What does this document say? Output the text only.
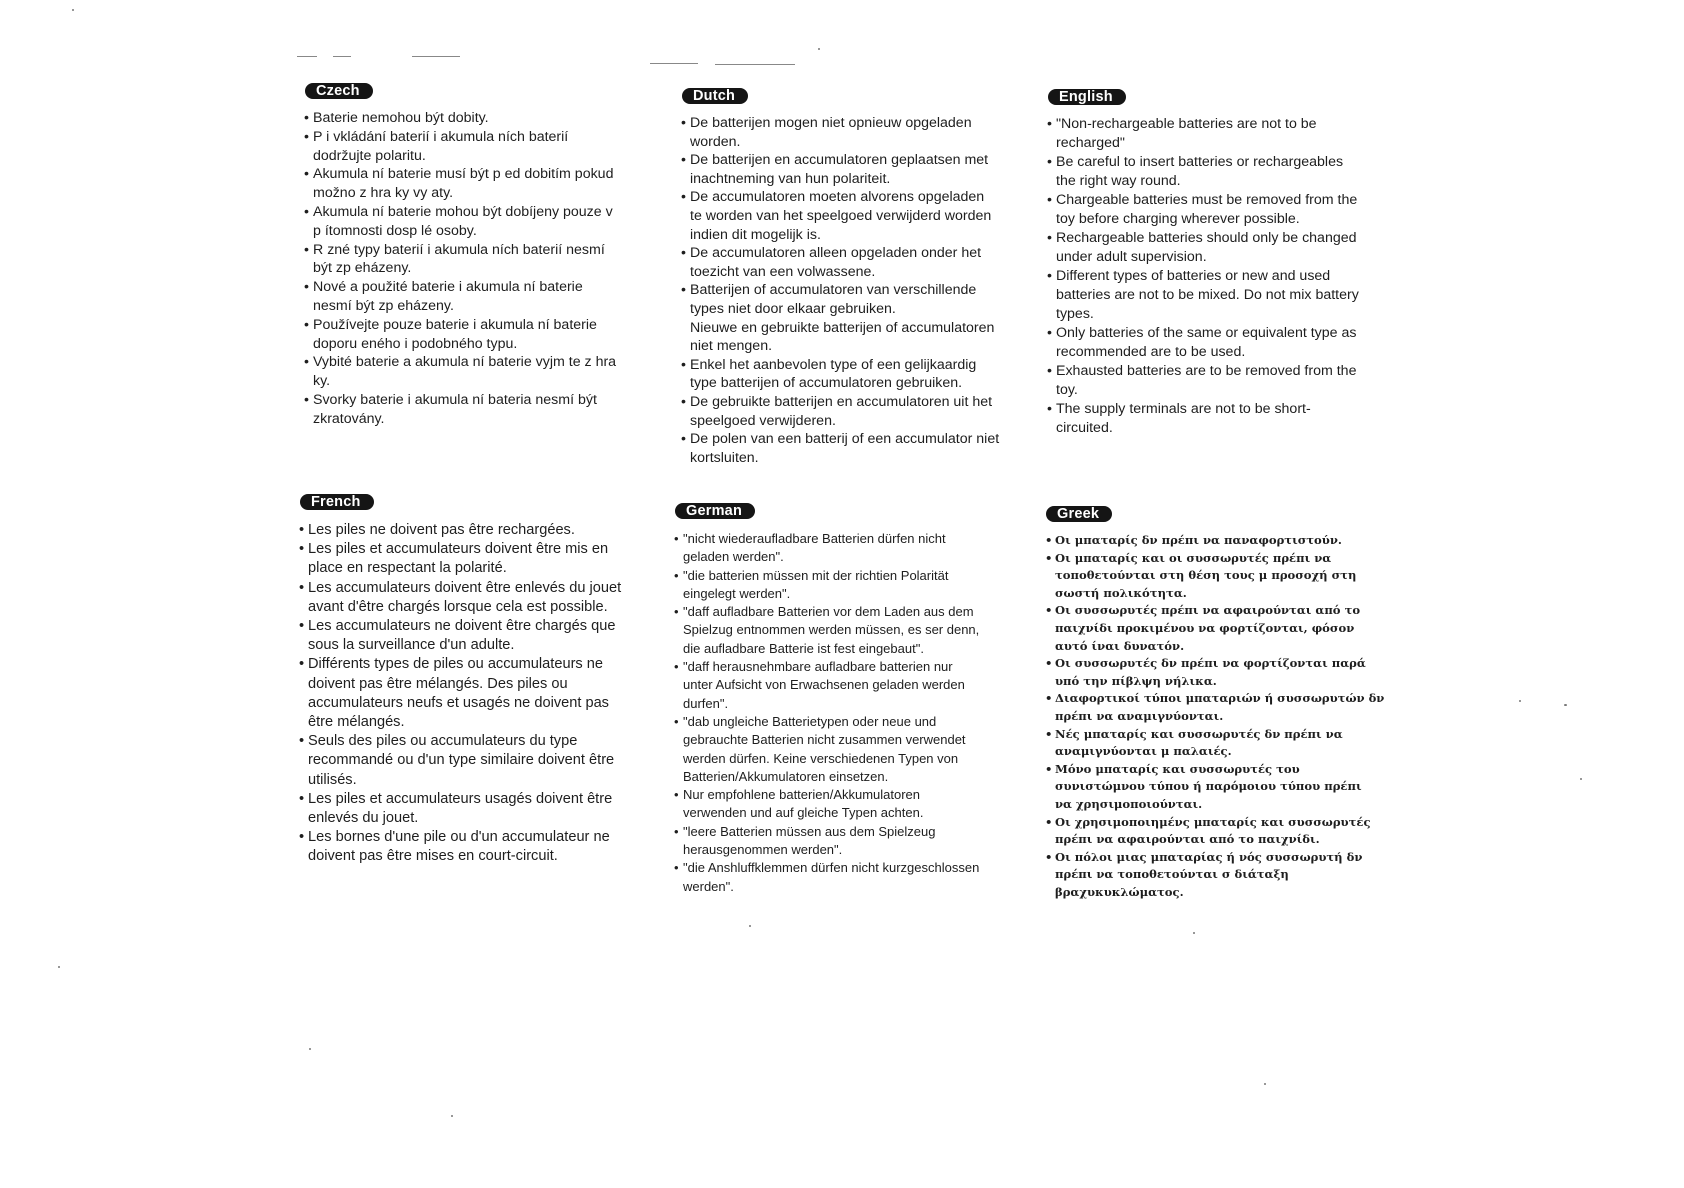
Czech
• Baterie nemohou být dobity.
• P i vkládání baterií i akumula ních baterií
dodržujte polaritu.
• Akumula ní baterie musí být p ed dobitím pokud
možno z hra ky vy aty.
• Akumula ní baterie mohou být dobíjeny pouze v
p ítomnosti dosp lé osoby.
• R zné typy baterií i akumula ních baterií nesmí
být zp eházeny.
• Nové a použité baterie i akumula ní baterie
nesmí být zp eházeny.
• Používejte pouze baterie i akumula ní baterie
doporu eného i podobného typu.
• Vybité baterie a akumula ní baterie vyjm te z hra
ky.
• Svorky baterie i akumula ní bateria nesmí být
zkratovány.
Dutch
• De batterijen mogen niet opnieuw opgeladen
worden.
• De batterijen en accumulatoren geplaatsen met
inachtneming van hun polariteit.
• De accumulatoren moeten alvorens opgeladen
te worden van het speelgoed verwijderd worden
indien dit mogelijk is.
• De accumulatoren alleen opgeladen onder het
toezicht van een volwassene.
• Batterijen of accumulatoren van verschillende
types niet door elkaar gebruiken.
Nieuwe en gebruikte batterijen of accumulatoren
niet mengen.
• Enkel het aanbevolen type of een gelijkaardig
type batterijen of accumulatoren gebruiken.
• De gebruikte batterijen en accumulatoren uit het
speelgoed verwijderen.
• De polen van een batterij of een accumulator niet
kortsluiten.
English
• "Non-rechargeable batteries are not to be
recharged"
• Be careful to insert batteries or rechargeables
the right way round.
• Chargeable batteries must be removed from the
toy before charging wherever possible.
• Rechargeable batteries should only be changed
under adult supervision.
• Different types of batteries or new and used
batteries are not to be mixed. Do not mix battery
types.
• Only batteries of the same or equivalent type as
recommended are to be used.
• Exhausted batteries are to be removed from the
toy.
• The supply terminals are not to be short-
circuited.
French
• Les piles ne doivent pas être rechargées.
• Les piles et accumulateurs doivent être mis en
place en respectant la polarité.
• Les accumulateurs doivent être enlevés du jouet
avant d'être chargés lorsque cela est possible.
• Les accumulateurs ne doivent être chargés que
sous la surveillance d'un adulte.
• Différents types de piles ou accumulateurs ne
doivent pas être mélangés. Des piles ou
accumulateurs neufs et usagés ne doivent pas
être mélangés.
• Seuls des piles ou accumulateurs du type
recommandé ou d'un type similaire doivent être
utilisés.
• Les piles et accumulateurs usagés doivent être
enlevés du jouet.
• Les bornes d'une pile ou d'un accumulateur ne
doivent pas être mises en court-circuit.
German
• "nicht wiederaufladbare Batterien dürfen nicht
geladen werden".
• "die batterien müssen mit der richtien Polarität
eingelegt werden".
• "daff aufladbare Batterien vor dem Laden aus dem
Spielzug entnommen werden müssen, es ser denn,
die aufladbare Batterie ist fest eingebaut".
• "daff herausnehmbare aufladbare batterien nur
unter Aufsicht von Erwachsenen geladen werden
durfen".
• "dab ungleiche Batterietypen oder neue und
gebrauchte Batterien nicht zusammen verwendet
werden dürfen. Keine verschiedenen Typen von
Batterien/Akkumulatoren einsetzen.
• Nur empfohlene batterien/Akkumulatoren
verwenden und auf gleiche Typen achten.
• "leere Batterien müssen aus dem Spielzeug
herausgenommen werden".
• "die Anshluffklemmen dürfen nicht kurzgeschlossen
werden".
Greek
• Οι μπαταρίς δν πρέπι να παναφορτιστούν.
• Οι μπαταρίς και οι συσσωρυτές πρέπι να
τοποθετούνται στη θέση τους μ προσοχή στη
σωστή πολικότητα.
• Οι συσσωρυτές πρέπι να αφαιρούνται από το
παιχνίδι προκιμένου να φορτίζονται, φόσον
αυτό ίναι δυνατόν.
• Οι συσσωρυτές δν πρέπι να φορτίζονται παρά
υπό την πίβλψη νήλικα.
• Διαφορτικοί τύποι μπαταριών ή συσσωρυτών δν
πρέπι να αναμιγνύονται.
• Νές μπαταρίς και συσσωρυτές δν πρέπι να
αναμιγνύονται μ παλαιές.
• Μόνο μπαταρίς και συσσωρυτές του
συνιστώμνου τύπου ή παρόμοιου τύπου πρέπι
να χρησιμοποιούνται.
• Οι χρησιμοποιημένς μπαταρίς και συσσωρυτές
πρέπι να αφαιρούνται από το παιχνίδι.
• Οι πόλοι μιας μπαταρίας ή νός συσσωρυτή δν
πρέπι να τοποθετούνται σ διάταξη
βραχυκυκλώματος.
